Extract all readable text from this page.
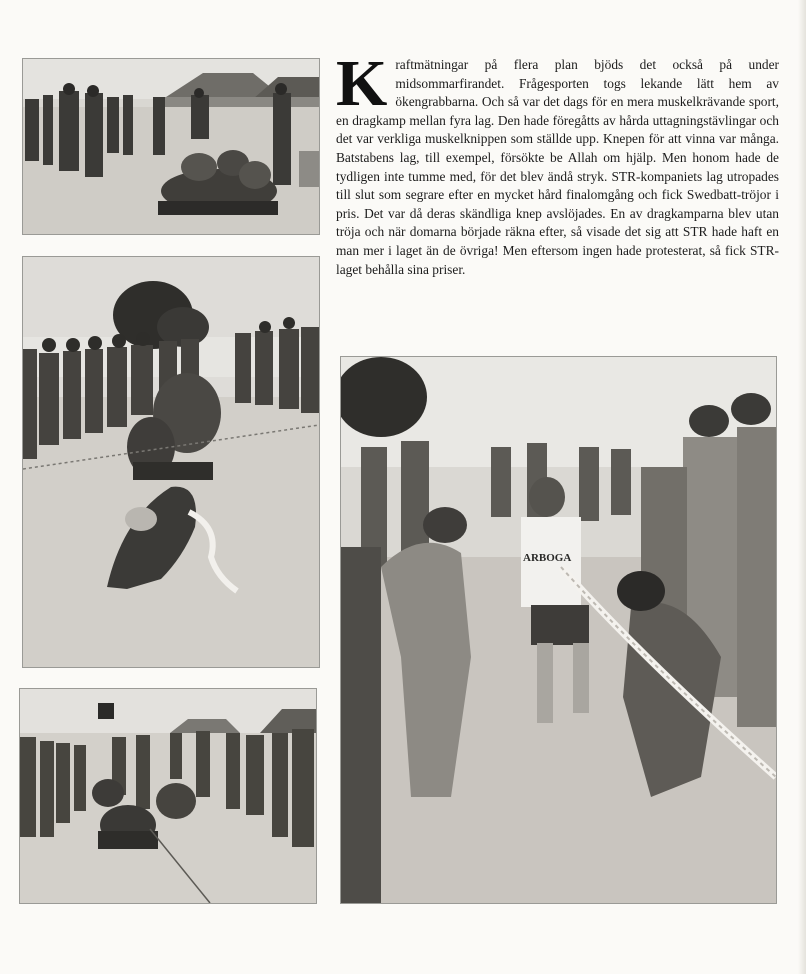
ARBOGA
K raftmätningar på flera plan bjöds det också på under midsommarfirandet. Frågesporten togs lekande lätt hem av ökengrabbarna. Och så var det dags för en mera muskelkrävande sport, en dragkamp mellan fyra lag. Den hade föregåtts av hårda uttagningstävlingar och det var verkliga muskelknippen som ställde upp. Knepen för att vinna var många. Batstabens lag, till exempel, försökte be Allah om hjälp. Men honom hade de tydligen inte tumme med, för det blev ändå stryk. STR-kompaniets lag utropades till slut som segrare efter en mycket hård finalomgång och fick Swedbatt-tröjor i pris. Det var då deras skändliga knep avslöjades. En av dragkamparna blev utan tröja och när domarna började räkna efter, så visade det sig att STR hade haft en man mer i laget än de övriga! Men eftersom ingen hade protesterat, så fick STR-laget behålla sina priser.
